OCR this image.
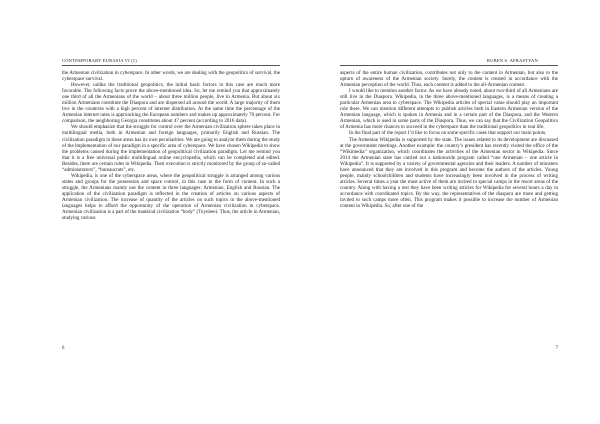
CONTEMPORARY EURASIA VI (1)

the Armenian civilization in cyberspace. In other words, we are dealing with the geopolitics of survival, the cyberspace survival.

However, unlike the traditional geopolitics, the initial basic factors in this case are much more favorable. The following facts prove the above-mentioned idea. So, let me remind you that approximately one third of all the Armenians of the world – about three million people, live in Armenia. But about six million Armenians constitute the Diaspora and are dispersed all around the world. A large majority of them live in the countries with a high percent of internet distribution. At the same time the percentage of the Armenian internet rates is approaching the European numbers and makes up approximately 70 percent. For comparison, the neighboring Georgia constitutes about 47 percent (according to 2016 data).

We should emphasize that the struggle for control over the Armenian civilization sphere takes place in multilingual media, both in Armenian and foreign languages, primarily English and Russian. The civilization paradigm in these areas has its own peculiarities. We are going to analyze them during the study of the implementation of our paradigm in a specific area of cyberspace. We have chosen Wikipedia to show the problems caused during the implementation of geopolitical civilization paradigm. Let me remind you that it is a free universal public multilingual online encyclopedia, which can be completed and edited. Besides, there are certain rules in Wikipedia. Their execution is strictly monitored by the group of so-called “administrators”, “bureaucrats”, etc.

Wikipedia, is one of the cyberspace areas, where the geopolitical struggle is arranged among various states and groups for the possession and space control, in this case in the form of content. In such a struggle, the Armenians mainly use the content in three languages: Armenian, English and Russian. The application of the civilization paradigm is reflected in the creation of articles on various aspects of Armenian civilization. The increase of quantity of the articles on such topics in the above-mentioned languages helps to afford the opportunity of the operation of Armenian civilization in cyberspace. Armenian civilization is a part of the mankind civilization “body” (Toynbee). Thus, the article in Armenian, studying various

6
RUBEN S. AFRASTYAN

aspects of the entire human civilization, contributes not only to the content in Armenian, but also to the upturn of awareness of the Armenian society. Surely, the content is created in accordance with the Armenian perception of the world. Thus, each content is added to the all-Armenian content.

I would like to mention another factor. As we have already noted, about two-third of all Armenians are still live in the Diaspora. Wikipedia, in the three above-mentioned languages, is a means of creating a particular Armenian area in cyberspace. The Wikipedia articles of special value should play an important role there. We can mention different attempts to publish articles both in Eastern Armenian version of the Armenian language, which is spoken in Armenia and in a certain part of the Diaspora, and the Western Armenian, which is used in some parts of the Diaspora. Thus, we can say that the Civilization Geopolitics of Armenia has more chances to succeed in the cyberspace than the traditional geopolitics in real life.

In the final part of the report I’d like to focus on some specific cases that support our main points.

The Armenian Wikipedia is supported by the state. The issues related to its development are discussed at the government meetings. Another example: the country’s president has recently visited the office of the “Wikimedia” organization, which coordinates the activities of the Armenian sector in Wikipedia. Since 2014 the Armenian state has carried out a nationwide program called “one Armenian – one article in Wikipedia”. It is supported by a variety of governmental agencies and their leaders. A number of ministers have announced that they are involved in this program and become the authors of the articles. Young people, mainly schoolchildren and students have increasingly been involved in the process of writing articles. Several times a year the most active of them are invited to special camps in the resort areas of the country. Along with having a rest they have been writing articles for Wikipedia for several hours a day in accordance with coordinated topics. By the way, the representatives of the diaspora are more and getting invited to such camps more often. This program makes it possible to increase the number of Armenian content in Wikipedia. So, after one of the

7
